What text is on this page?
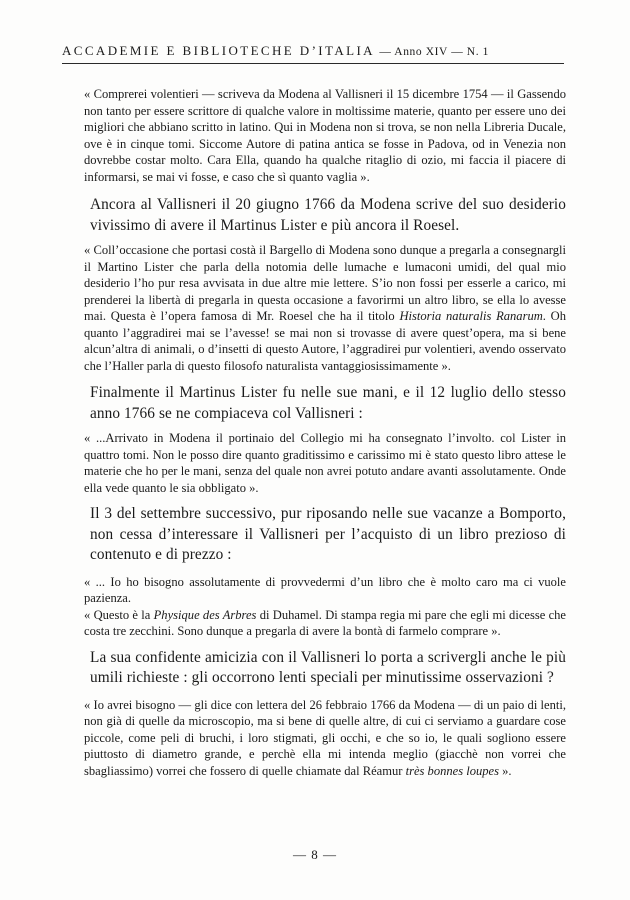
ACCADEMIE E BIBLIOTECHE D’ITALIA — Anno XIV — N. 1

« Comprerei volentieri — scriveva da Modena al Vallisneri il 15 dicembre 1754 — il Gassendo non tanto per essere scrittore di qualche valore in moltissime materie, quanto per essere uno dei migliori che abbiano scritto in latino. Qui in Modena non si trova, se non nella Libreria Ducale, ove è in cinque tomi. Siccome Autore di patina antica se fosse in Padova, od in Venezia non dovrebbe costar molto. Cara Ella, quando ha qualche ritaglio di ozio, mi faccia il piacere di informarsi, se mai vi fosse, e caso che sì quanto vaglia ».

Ancora al Vallisneri il 20 giugno 1766 da Modena scrive del suo desiderio vivissimo di avere il Martinus Lister e più ancora il Roesel.

« Coll’occasione che portasi costà il Bargello di Modena sono dunque a pregarla a consegnargli il Martino Lister che parla della notomia delle lumache e lumaconi umidi, del qual mio desiderio l’ho pur resa avvisata in due altre mie lettere. S’io non fossi per esserle a carico, mi prenderei la libertà di pregarla in questa occasione a favorirmi un altro libro, se ella lo avesse mai. Questa è l’opera famosa di Mr. Roesel che ha il titolo Historia naturalis Ranarum. Oh quanto l’aggradirei mai se l’avesse! se mai non si trovasse di avere quest’opera, ma si bene alcun’altra di animali, o d’insetti di questo Autore, l’aggradirei pur volentieri, avendo osservato che l’Haller parla di questo filosofo naturalista vantaggiosissimamente ».

Finalmente il Martinus Lister fu nelle sue mani, e il 12 luglio dello stesso anno 1766 se ne compiaceva col Vallisneri :

« ...Arrivato in Modena il portinaio del Collegio mi ha consegnato l’involto. col Lister in quattro tomi. Non le posso dire quanto graditissimo e carissimo mi è stato questo libro attese le materie che ho per le mani, senza del quale non avrei potuto andare avanti assolutamente. Onde ella vede quanto le sia obbligato ».

Il 3 del settembre successivo, pur riposando nelle sue vacanze a Bomporto, non cessa d’interessare il Vallisneri per l’acquisto di un libro prezioso di contenuto e di prezzo :

« ... Io ho bisogno assolutamente di provvedermi d’un libro che è molto caro ma ci vuole pazienza.

« Questo è la Physique des Arbres di Duhamel. Di stampa regia mi pare che egli mi dicesse che costa tre zecchini. Sono dunque a pregarla di avere la bontà di farmelo comprare ».

La sua confidente amicizia con il Vallisneri lo porta a scrivergli anche le più umili richieste : gli occorrono lenti speciali per minutissime osservazioni ?

« Io avrei bisogno — gli dice con lettera del 26 febbraio 1766 da Modena — di un paio di lenti, non già di quelle da microscopio, ma si bene di quelle altre, di cui ci serviamo a guardare cose piccole, come peli di bruchi, i loro stigmati, gli occhi, e che so io, le quali sogliono essere piuttosto di diametro grande, e perchè ella mi intenda meglio (giacchè non vorrei che sbagliassimo) vorrei che fossero di quelle chiamate dal Réamur très bonnes loupes ».

— 8 —
